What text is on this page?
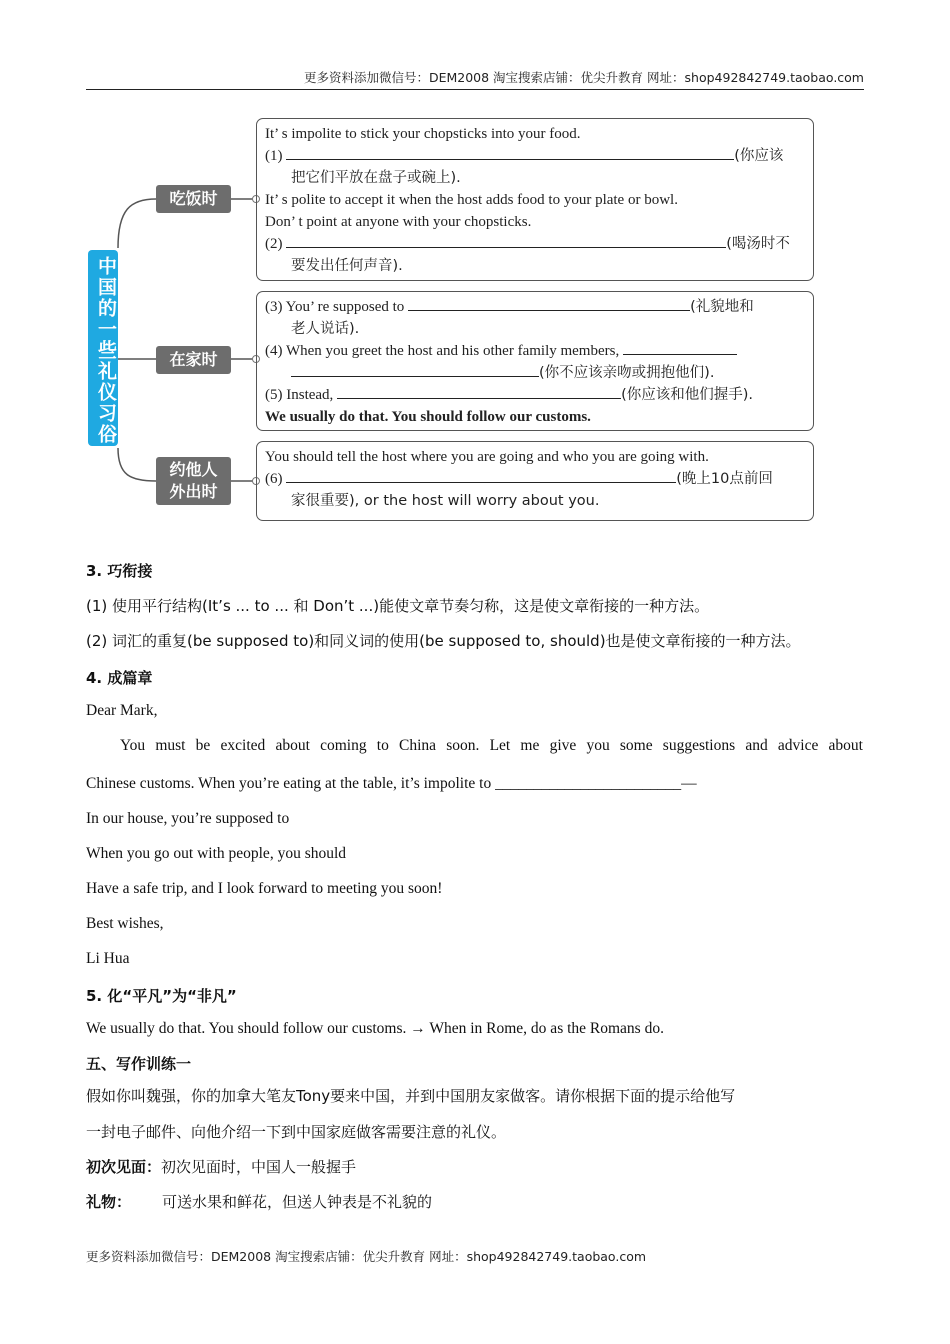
更多资料添加微信号：DEM2008 淘宝搜索店铺：优尖升教育 网址：shop492842749.taobao.com
中国的一些礼仪习俗
吃饭时
在家时
约他人
外出时
It’ s impolite to stick your chopsticks into your food.
(1)	(你应该
把它们平放在盘子或碗上).
It’ s polite to accept it when the host adds food to your plate or bowl.
Don’ t point at anyone with your chopsticks.
(2)	(喝汤时不
要发出任何声音).
(3) You’ re supposed to	(礼貌地和
老人说话).
(4) When you greet the host and his other family members,
(你不应该亲吻或拥抱他们).
(5) Instead,	(你应该和他们握手).
We usually do that. You should follow our customs.
You should tell the host where you are going and who you are going with.
(6)	(晚上10点前回
家很重要), or the host will worry about you.
3. 巧衔接
(1) 使用平行结构(It’s ... to ... 和 Don’t ...)能使文章节奏匀称，这是使文章衔接的一种方法。
(2) 词汇的重复(be supposed to)和同义词的使用(be supposed to, should)也是使文章衔接的一种方法。
4. 成篇章
Dear Mark,
You must be excited about coming to China soon. Let me give you some suggestions and advice about
Chinese customs. When you’re eating at the table, it’s impolite to ________________________—
In our house, you’re supposed to
When you go out with people, you should
Have a safe trip, and I look forward to meeting you soon!
Best wishes,
Li Hua
5. 化“平凡”为“非凡”
We usually do that. You should follow our customs. → When in Rome, do as the Romans do.
五、写作训练一
假如你叫魏强，你的加拿大笔友Tony要来中国，并到中国朋友家做客。请你根据下面的提示给他写
一封电子邮件、向他介绍一下到中国家庭做客需要注意的礼仪。
初次见面：初次见面时，中国人一般握手
礼物： 可送水果和鲜花，但送人钟表是不礼貌的
更多资料添加微信号：DEM2008 淘宝搜索店铺：优尖升教育 网址：shop492842749.taobao.com
